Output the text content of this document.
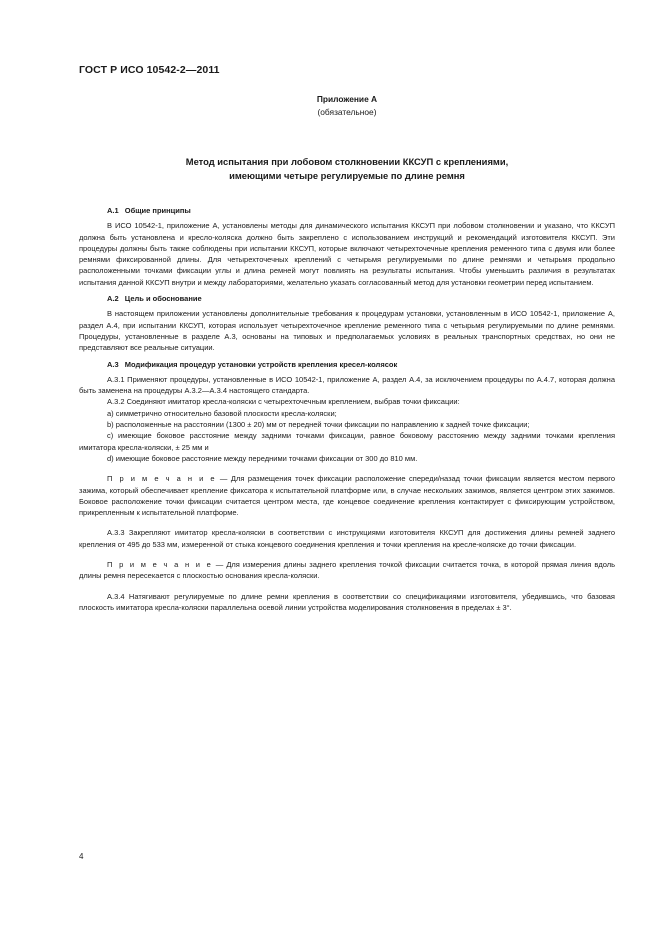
ГОСТ Р ИСО 10542-2—2011
Приложение А
(обязательное)
Метод испытания при лобовом столкновении ККСУП с креплениями,
имеющими четыре регулируемые по длине ремня
А.1 Общие принципы

В ИСО 10542-1, приложение А, установлены методы для динамического испытания ККСУП при лобовом столкновении и указано, что ККСУП должна быть установлена и кресло-коляска должно быть закреплено с использованием инструкций и рекомендаций изготовителя ККСУП. Эти процедуры должны быть также соблюдены при испытании ККСУП, которые включают четырехточечные крепления ременного типа с двумя или более ремнями фиксированной длины. Для четырехточечных креплений с четырьмя регулируемыми по длине ремнями и четырьмя продольно расположенными точками фиксации углы и длина ремней могут повлиять на результаты испытания. Чтобы уменьшить различия в результатах испытания данной ККСУП внутри и между лабораториями, желательно указать согласованный метод для установки геометрии перед испытанием.

А.2 Цель и обоснование

В настоящем приложении установлены дополнительные требования к процедурам установки, установленным в ИСО 10542-1, приложение А, раздел А.4, при испытании ККСУП, которая использует четырехточечное крепление ременного типа с четырьмя регулируемыми по длине ремнями. Процедуры, установленные в разделе А.3, основаны на типовых и предполагаемых условиях в реальных транспортных средствах, но они не представляют все реальные ситуации.

А.3 Модификация процедур установки устройств крепления кресел-колясок

А.3.1 Применяют процедуры, установленные в ИСО 10542-1, приложение А, раздел А.4, за исключением процедуры по А.4.7, которая должна быть заменена на процедуры А.3.2—А.3.4 настоящего стандарта.

А.3.2 Соединяют имитатор кресла-коляски с четырехточечным креплением, выбрав точки фиксации:

a) симметрично относительно базовой плоскости кресла-коляски;

b) расположенные на расстоянии (1300 ± 20) мм от передней точки фиксации по направлению к задней точке фиксации;

c) имеющие боковое расстояние между задними точками фиксации, равное боковому расстоянию между задними точками крепления имитатора кресла-коляски, ± 25 мм и

d) имеющие боковое расстояние между передними точками фиксации от 300 до 810 мм.

П р и м е ч а н и е — Для размещения точек фиксации расположение спереди/назад точки фиксации является местом первого зажима, который обеспечивает крепление фиксатора к испытательной платформе или, в случае нескольких зажимов, является центром этих зажимов. Боковое расположение точки фиксации считается центром места, где концевое соединение крепления контактирует с фиксирующим устройством, прикрепленным к испытательной платформе.

А.3.3 Закрепляют имитатор кресла-коляски в соответствии с инструкциями изготовителя ККСУП для достижения длины ремней заднего крепления от 495 до 533 мм, измеренной от стыка концевого соединения крепления и точки крепления на кресле-коляске до точки фиксации.

П р и м е ч а н и е — Для измерения длины заднего крепления точкой фиксации считается точка, в которой прямая линия вдоль длины ремня пересекается с плоскостью основания кресла-коляски.

А.3.4 Натягивают регулируемые по длине ремни крепления в соответствии со спецификациями изготовителя, убедившись, что базовая плоскость имитатора кресла-коляски параллельна осевой линии устройства моделирования столкновения в пределах ± 3°.

4
